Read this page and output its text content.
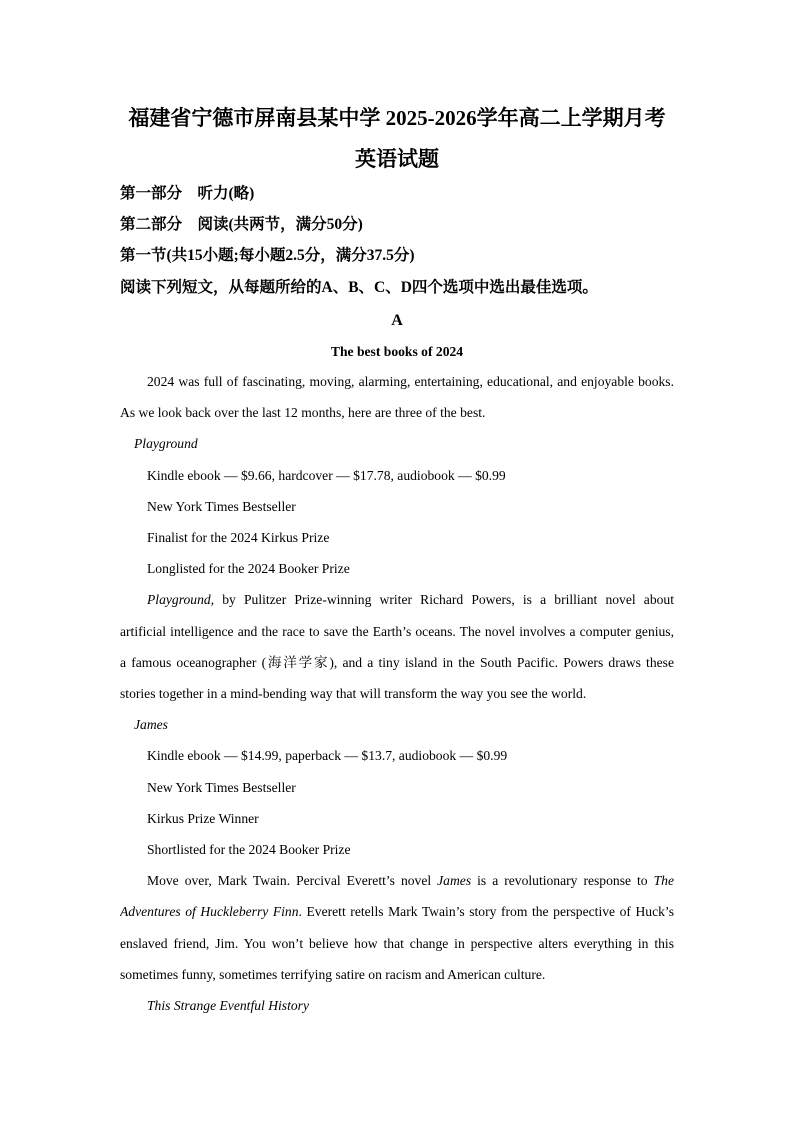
福建省宁德市屏南县某中学 2025-2026学年高二上学期月考
英语试题
第一部分　听力(略)
第二部分　阅读(共两节，满分50分)
第一节(共15小题;每小题2.5分，满分37.5分)
阅读下列短文，从每题所给的A、B、C、D四个选项中选出最佳选项。
A
The best books of 2024
2024 was full of fascinating, moving, alarming, entertaining, educational, and enjoyable books.
As we look back over the last 12 months, here are three of the best.
Playground
Kindle ebook — $9.66, hardcover — $17.78, audiobook — $0.99
New York Times Bestseller
Finalist for the 2024 Kirkus Prize
Longlisted for the 2024 Booker Prize
Playground, by Pulitzer Prize-winning writer Richard Powers, is a brilliant novel about
artificial intelligence and the race to save the Earth’s oceans. The novel involves a computer genius,
a famous oceanographer (海洋学家), and a tiny island in the South Pacific. Powers draws these
stories together in a mind-bending way that will transform the way you see the world.
James
Kindle ebook — $14.99, paperback — $13.7, audiobook — $0.99
New York Times Bestseller
Kirkus Prize Winner
Shortlisted for the 2024 Booker Prize
Move over, Mark Twain. Percival Everett’s novel James is a revolutionary response to The
Adventures of Huckleberry Finn. Everett retells Mark Twain’s story from the perspective of Huck’s
enslaved friend, Jim. You won’t believe how that change in perspective alters everything in this
sometimes funny, sometimes terrifying satire on racism and American culture.
This Strange Eventful History
